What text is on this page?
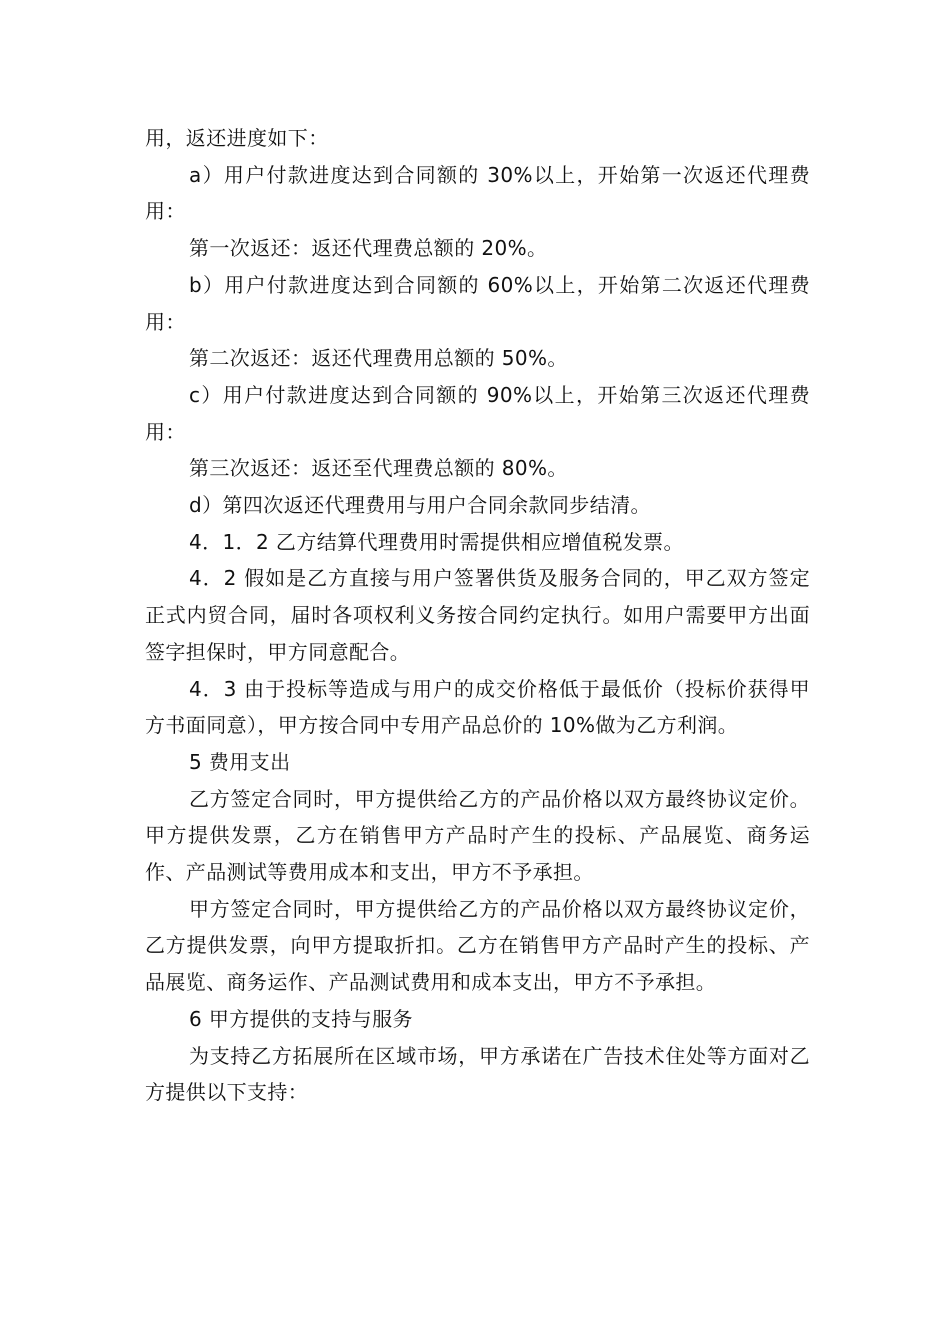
用，返还进度如下：

a）用户付款进度达到合同额的 30%以上，开始第一次返还代理费用：

第一次返还：返还代理费总额的 20%。

b）用户付款进度达到合同额的 60%以上，开始第二次返还代理费用：

第二次返还：返还代理费用总额的 50%。

c）用户付款进度达到合同额的 90%以上，开始第三次返还代理费用：

第三次返还：返还至代理费总额的 80%。

d）第四次返还代理费用与用户合同余款同步结清。

4．1．2 乙方结算代理费用时需提供相应增值税发票。

4．2 假如是乙方直接与用户签署供货及服务合同的，甲乙双方签定正式内贸合同，届时各项权利义务按合同约定执行。如用户需要甲方出面签字担保时，甲方同意配合。

4．3 由于投标等造成与用户的成交价格低于最低价（投标价获得甲方书面同意），甲方按合同中专用产品总价的 10%做为乙方利润。

5 费用支出

乙方签定合同时，甲方提供给乙方的产品价格以双方最终协议定价。甲方提供发票，乙方在销售甲方产品时产生的投标、产品展览、商务运作、产品测试等费用成本和支出，甲方不予承担。

甲方签定合同时，甲方提供给乙方的产品价格以双方最终协议定价，乙方提供发票，向甲方提取折扣。乙方在销售甲方产品时产生的投标、产品展览、商务运作、产品测试费用和成本支出，甲方不予承担。

6 甲方提供的支持与服务

为支持乙方拓展所在区域市场，甲方承诺在广告技术住处等方面对乙方提供以下支持：
